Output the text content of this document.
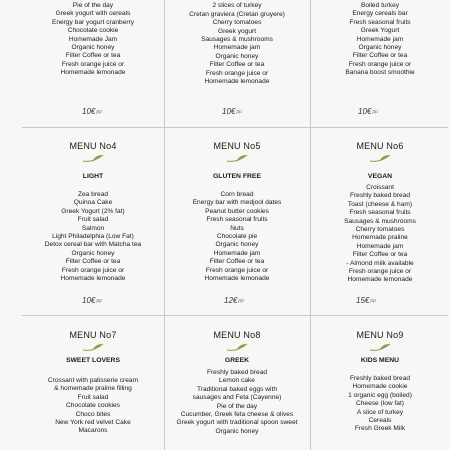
Pie of the day
Greek yogurt with cereals
Energy bar yogurt cranberry
Chocolate cookie
Homemade Jam
Organic honey
Filter Coffee or tea
Fresh orange juice or
Homemade lemonade
10€pp
2 slices of turkey
Cretan graviera (Cretan gruyere)
Cherry tomatoes
Greek yogurt
Sausages & mushrooms
Homemade jam
Organic honey
Filter Coffee or tea
Fresh orange juice or
Homemade lemonade
10€pp
Boiled turkey
Energy cereals bar
Fresh seasonal fruits
Greek Yogurt
Homemade jam
Organic honey
Filter Coffee or tea
Fresh orange juice or
Banana boost smoothie
10€pp
MENU No4
LIGHT
Zea bread
Quinoa Cake
Greek Yogurt (2% fat)
Fruit salad
Salmon
Light Philadelphia (Low Fat)
Detox cereal bar with Matcha tea
Organic honey
Filter Coffee or tea
Fresh orange juice or
Homemade lemonade
10€pp
MENU No5
GLUTEN FREE
Corn bread
Energy bar with medjool dates
Peanut butter cookies
Fresh seasonal fruits
Nuts
Chocolate pie
Organic honey
Homemade jam
Filter Coffee or tea
Fresh orange juice or
Homemade lemonade
12€pp
MENU No6
VEGAN
Croissant
Freshly baked bread
Toast (cheese & ham)
Fresh seasonal fruits
Sausages & mushrooms
Cherry tomatoes
Homemade praline
Homemade jam
Filter Coffee or tea
- Almond milk available
Fresh orange juice or
Homemade lemonade
15€pp
MENU No7
SWEET LOVERS
Crossant with patisserie cream
& homemade praline filling
Fruit salad
Chocolate cookies
Choco bites
New York red velvet Cake
Macarons
MENU No8
GREEK
Freshly baked bread
Lemon cake
Traditional baked eggs with
sausages and Feta (Cayenne)
Pie of the day
Cucumber, Greek feta cheese & olives
Greek yogurt with traditional spoon sweet
Organic honey
MENU No9
KIDS MENU
Freshly baked bread
Homemade cookie
1 organic egg (boiled)
Cheese (low fat)
A slice of turkey
Cereals
Fresh Greek Milk
